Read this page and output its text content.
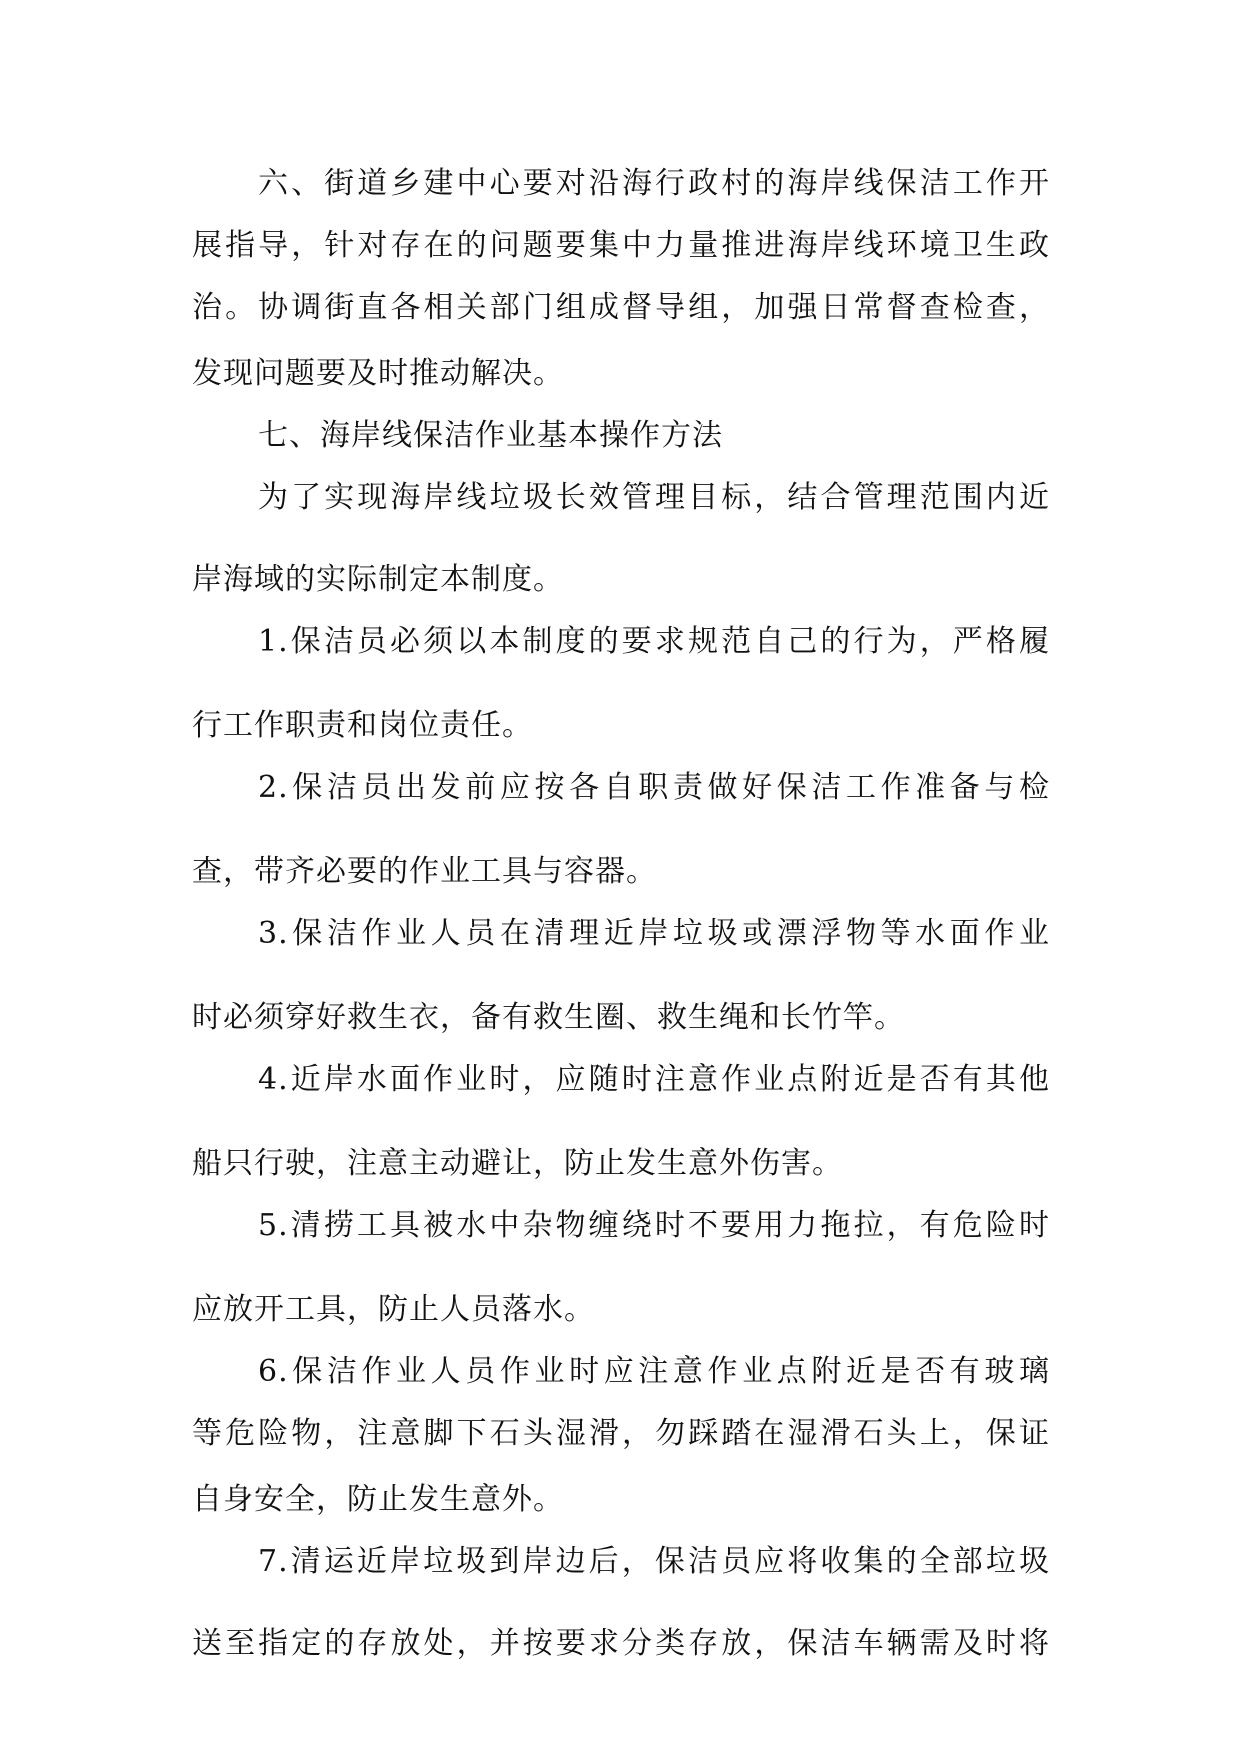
六、街道乡建中心要对沿海行政村的海岸线保洁工作开
展指导，针对存在的问题要集中力量推进海岸线环境卫生政
治。协调街直各相关部门组成督导组，加强日常督查检查，
发现问题要及时推动解决。
七、海岸线保洁作业基本操作方法
为了实现海岸线垃圾长效管理目标，结合管理范围内近
岸海域的实际制定本制度。
1.保洁员必须以本制度的要求规范自己的行为，严格履
行工作职责和岗位责任。
2.保洁员出发前应按各自职责做好保洁工作准备与检
查，带齐必要的作业工具与容器。
3.保洁作业人员在清理近岸垃圾或漂浮物等水面作业
时必须穿好救生衣，备有救生圈、救生绳和长竹竿。
4.近岸水面作业时，应随时注意作业点附近是否有其他
船只行驶，注意主动避让，防止发生意外伤害。
5.清捞工具被水中杂物缠绕时不要用力拖拉，有危险时
应放开工具，防止人员落水。
6.保洁作业人员作业时应注意作业点附近是否有玻璃
等危险物，注意脚下石头湿滑，勿踩踏在湿滑石头上，保证
自身安全，防止发生意外。
7.清运近岸垃圾到岸边后，保洁员应将收集的全部垃圾
送至指定的存放处，并按要求分类存放，保洁车辆需及时将
